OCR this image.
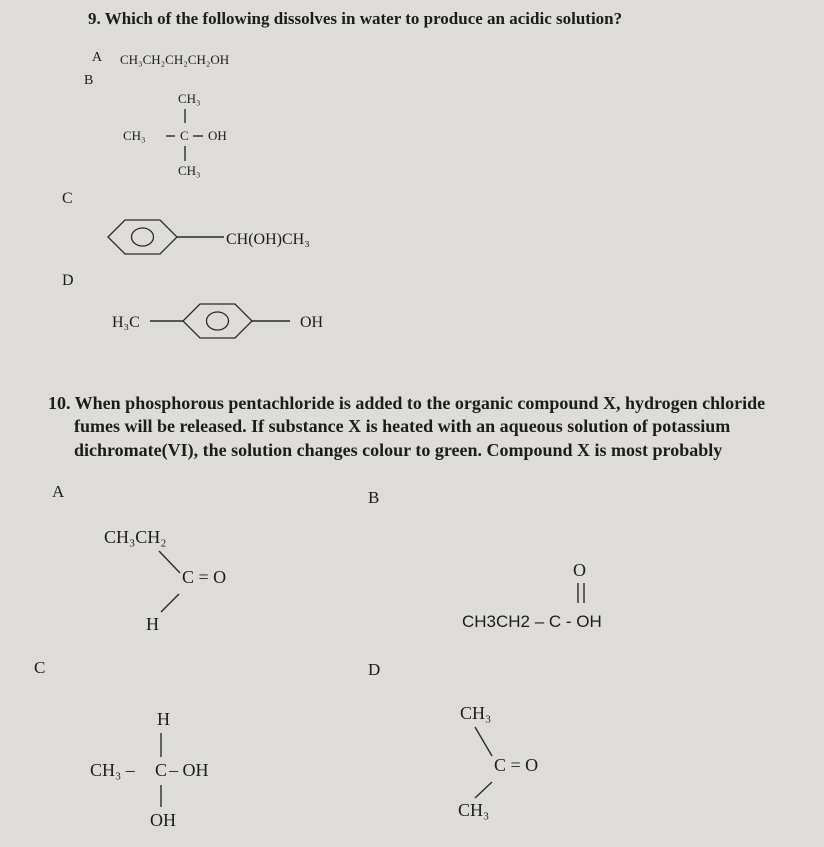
9. Which of the following dissolves in water to produce an acidic solution?
A CH₃CH₂CH₂CH₂OH
B
CH₃
CH₃	C OH
CH₃
C
CH(OH)CH₃
D
H₃C	OH
10. When phosphorous pentachloride is added to the organic compound X, hydrogen chloride
fumes will be released. If substance X is heated with an aqueous solution of potassium
dichromate(VI), the solution changes colour to green. Compound X is most probably
A
CH₃CH₂
C = O
H
B
O
CH3CH2 – C - OH
C
H
CH₃ – C – OH
OH
D
CH₃
C = O
CH₃
